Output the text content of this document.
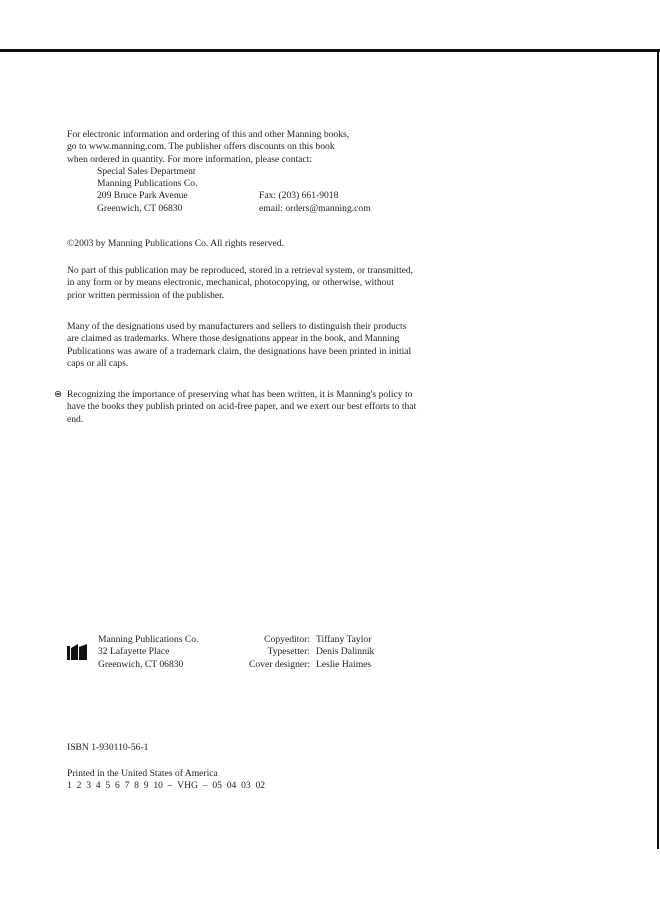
For electronic information and ordering of this and other Manning books,
go to www.manning.com. The publisher offers discounts on this book
when ordered in quantity. For more information, please contact:
Special Sales Department
Manning Publications Co.
209 Bruce Park Avenue	Fax: (203) 661-9018
Greenwich, CT 06830	email: orders@manning.com
©2003 by Manning Publications Co. All rights reserved.
No part of this publication may be reproduced, stored in a retrieval system, or transmitted,
in any form or by means electronic, mechanical, photocopying, or otherwise, without
prior written permission of the publisher.
Many of the designations used by manufacturers and sellers to distinguish their products
are claimed as trademarks. Where those designations appear in the book, and Manning
Publications was aware of a trademark claim, the designations have been printed in initial
caps or all caps.
⊜ Recognizing the importance of preserving what has been written, it is Manning's policy to
have the books they publish printed on acid-free paper, and we exert our best efforts to that
end.
Manning Publications Co.	Copyeditor: Tiffany Taylor
32 Lafayette Place	Typesetter: Denis Dalinnik
Greenwich, CT 06830	Cover designer: Leslie Haimes
ISBN 1-930110-56-1
Printed in the United States of America
1  2  3  4  5  6  7  8  9  10  –  VHG  –  05  04  03  02
